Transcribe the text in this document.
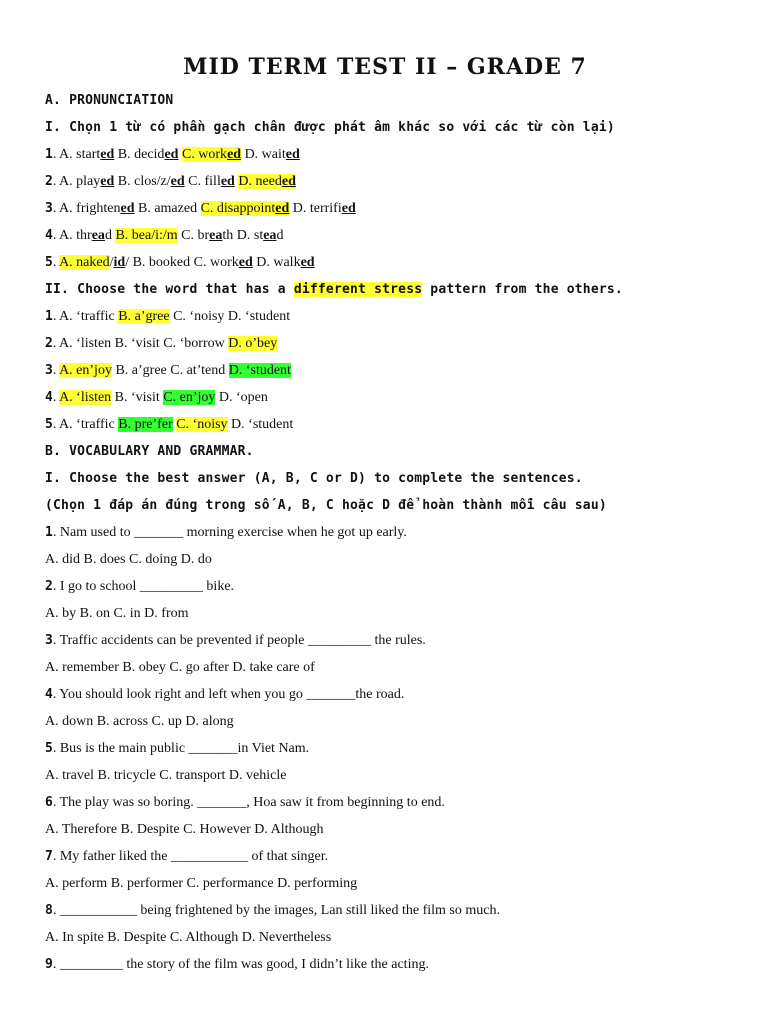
MID TERM TEST II – GRADE 7
A. PRONUNCIATION
I. Chọn 1 từ có phần gạch chân được phát âm khác so với các từ còn lại)
1. A. started B. decided C. worked D. waited
2. A. played B. clos/z/ed C. filled D. needed
3. A. frightened B. amazed C. disappointed D. terrified
4. A. thread B. bea/i:/m C. breath D. stead
5. A. naked/id/ B. booked C. worked D. walked
II. Choose the word that has a different stress pattern from the others.
1. A. ‘traffic B. a’gree C. ‘noisy D. ‘student
2. A. ‘listen B. ‘visit C. ‘borrow D. o’bey
3. A. en’joy B. a’gree C. at’tend D. ‘student
4. A. ‘listen B. ‘visit C. en’joy D. ‘open
5. A. ‘traffic B. pre’fer C. ‘noisy D. ‘student
B. VOCABULARY AND GRAMMAR.
I. Choose the best answer (A, B, C or D) to complete the sentences.
(Chọn 1 đáp án đúng trong số A, B, C hoặc D để hoàn thành mỗi câu sau)
1. Nam used to _______ morning exercise when he got up early.
A. did B. does C. doing D. do
2. I go to school _________ bike.
A. by B. on C. in D. from
3. Traffic accidents can be prevented if people _________ the rules.
A. remember B. obey C. go after D. take care of
4. You should look right and left when you go _______the road.
A. down B. across C. up D. along
5. Bus is the main public _______in Viet Nam.
A. travel B. tricycle C. transport D. vehicle
6. The play was so boring. _______, Hoa saw it from beginning to end.
A. Therefore B. Despite C. However D. Although
7. My father liked the ___________ of that singer.
A. perform B. performer C. performance D. performing
8. ___________ being frightened by the images, Lan still liked the film so much.
A. In spite B. Despite C. Although D. Nevertheless
9. _________ the story of the film was good, I didn’t like the acting.
